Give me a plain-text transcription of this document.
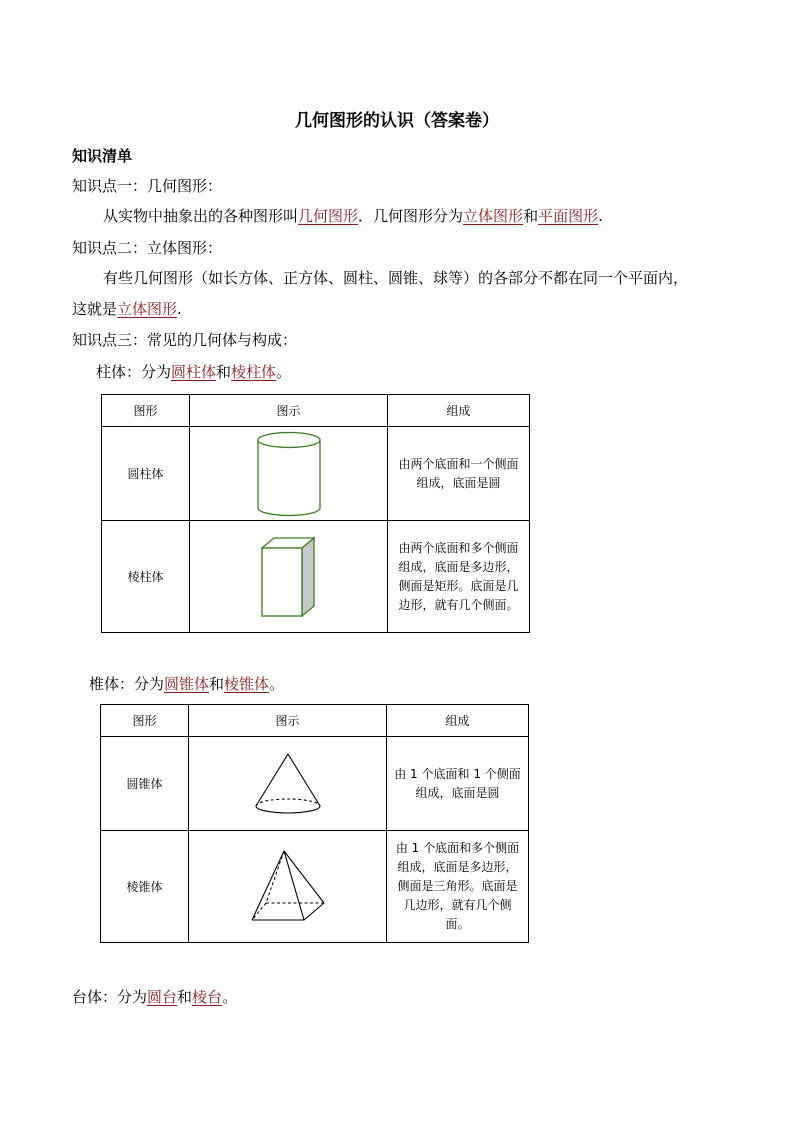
几何图形的认识（答案卷）
知识清单
知识点一：几何图形：
从实物中抽象出的各种图形叫几何图形．几何图形分为立体图形和平面图形.
知识点二：立体图形：
有些几何图形（如长方体、正方体、圆柱、圆锥、球等）的各部分不都在同一个平面内，
这就是立体图形.
知识点三：常见的几何体与构成：
柱体：分为圆柱体和棱柱体。
图形	图示	组成
圆柱体		由两个底面和一个侧面
组成，底面是圆

棱柱体		由两个底面和多个侧面
组成，底面是多边形，
侧面是矩形。底面是几
边形，就有几个侧面。
椎体：分为圆锥体和棱锥体。
图形	图示	组成
圆锥体		由 1 个底面和 1 个侧面
组成，底面是圆

棱锥体		由 1 个底面和多个侧面
组成，底面是多边形，
侧面是三角形。底面是
几边形，就有几个侧面。
台体：分为圆台和棱台。
